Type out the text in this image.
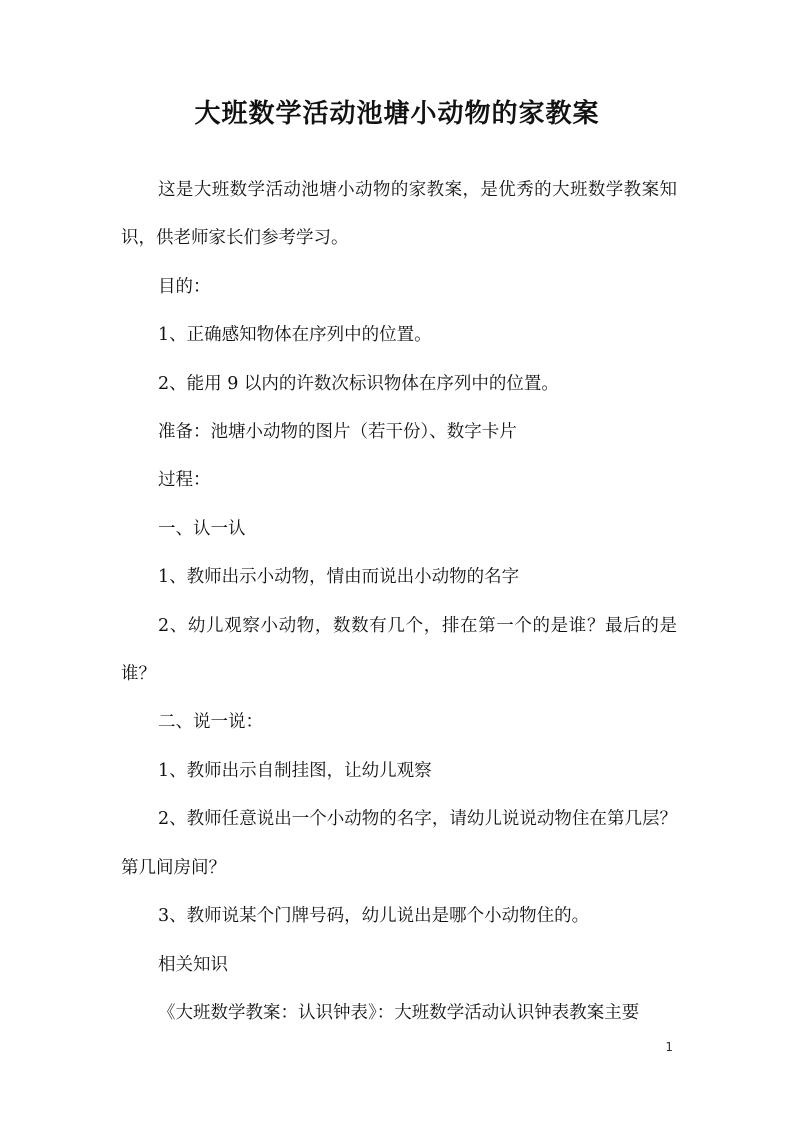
大班数学活动池塘小动物的家教案

这是大班数学活动池塘小动物的家教案，是优秀的大班数学教案知识，供老师家长们参考学习。

目的：

1、正确感知物体在序列中的位置。

2、能用 9 以内的许数次标识物体在序列中的位置。

准备：池塘小动物的图片（若干份）、数字卡片

过程：

一、认一认

1、教师出示小动物，情由而说出小动物的名字

2、幼儿观察小动物，数数有几个，排在第一个的是谁？最后的是谁？

二、说一说：

1、教师出示自制挂图，让幼儿观察

2、教师任意说出一个小动物的名字，请幼儿说说动物住在第几层？第几间房间？

3、教师说某个门牌号码，幼儿说出是哪个小动物住的。

相关知识

《大班数学教案：认识钟表》：大班数学活动认识钟表教案主要

1
